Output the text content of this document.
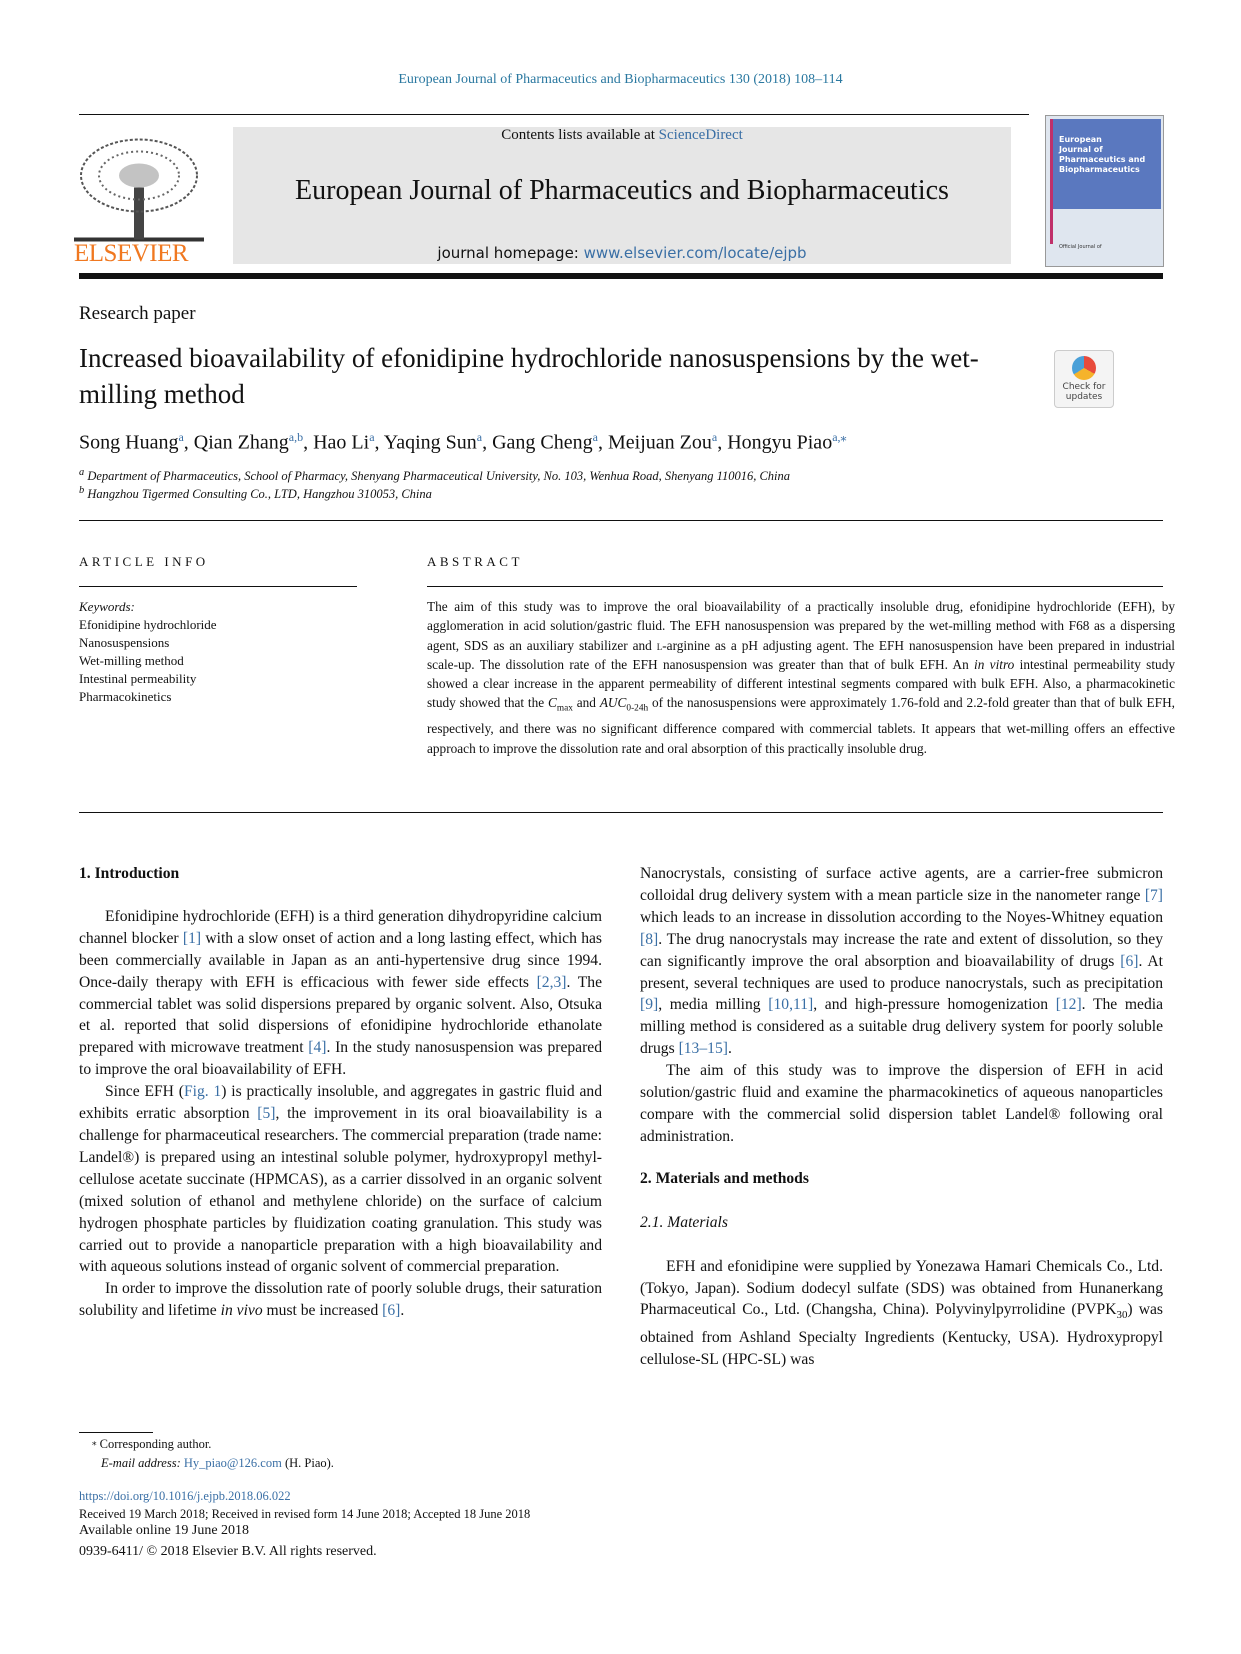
European Journal of Pharmaceutics and Biopharmaceutics 130 (2018) 108–114
ELSEVIER
Contents lists available at ScienceDirect
European Journal of Pharmaceutics and Biopharmaceutics
journal homepage: www.elsevier.com/locate/ejpb
European
Journal of
Pharmaceutics and
Biopharmaceutics
Official Journal of
Research paper
Increased bioavailability of efonidipine hydrochloride nanosuspensions by the wet-milling method	Check for updates
Song Huang$^a$, Qian Zhang$^{a,b}$, Hao Li$^a$, Yaqing Sun$^a$, Gang Cheng$^a$, Meijuan Zou$^a$, Hongyu Piao$^{a,⁎}$
$^a$ Department of Pharmaceutics, School of Pharmacy, Shenyang Pharmaceutical University, No. 103, Wenhua Road, Shenyang 110016, China
$^b$ Hangzhou Tigermed Consulting Co., LTD, Hangzhou 310053, China
ARTICLE INFO
Keywords:
Efonidipine hydrochloride
Nanosuspensions
Wet-milling method
Intestinal permeability
Pharmacokinetics
ABSTRACT
The aim of this study was to improve the oral bioavailability of a practically insoluble drug, efonidipine hydrochloride (EFH), by agglomeration in acid solution/gastric fluid. The EFH nanosuspension was prepared by the wet-milling method with F68 as a dispersing agent, SDS as an auxiliary stabilizer and l-arginine as a pH adjusting agent. The EFH nanosuspension have been prepared in industrial scale-up. The dissolution rate of the EFH nanosuspension was greater than that of bulk EFH. An in vitro intestinal permeability study showed a clear increase in the apparent permeability of different intestinal segments compared with bulk EFH. Also, a pharmacokinetic study showed that the $C_{max}$ and $AUC_{0-24h}$ of the nanosuspensions were approximately 1.76-fold and 2.2-fold greater than that of bulk EFH, respectively, and there was no significant difference compared with commercial tablets. It appears that wet-milling offers an effective approach to improve the dissolution rate and oral absorption of this practically insoluble drug.
1. Introduction

Efonidipine hydrochloride (EFH) is a third generation dihydropyridine calcium channel blocker [1] with a slow onset of action and a long lasting effect, which has been commercially available in Japan as an anti-hypertensive drug since 1994. Once-daily therapy with EFH is efficacious with fewer side effects [2,3]. The commercial tablet was solid dispersions prepared by organic solvent. Also, Otsuka et al. reported that solid dispersions of efonidipine hydrochloride ethanolate prepared with microwave treatment [4]. In the study nanosuspension was prepared to improve the oral bioavailability of EFH.

Since EFH (Fig. 1) is practically insoluble, and aggregates in gastric fluid and exhibits erratic absorption [5], the improvement in its oral bioavailability is a challenge for pharmaceutical researchers. The commercial preparation (trade name: Landel®) is prepared using an intestinal soluble polymer, hydroxypropyl methyl-cellulose acetate succinate (HPMCAS), as a carrier dissolved in an organic solvent (mixed solution of ethanol and methylene chloride) on the surface of calcium hydrogen phosphate particles by fluidization coating granulation. This study was carried out to provide a nanoparticle preparation with a high bioavailability and with aqueous solutions instead of organic solvent of commercial preparation.

In order to improve the dissolution rate of poorly soluble drugs, their saturation solubility and lifetime in vivo must be increased [6].

Nanocrystals, consisting of surface active agents, are a carrier-free submicron colloidal drug delivery system with a mean particle size in the nanometer range [7] which leads to an increase in dissolution according to the Noyes-Whitney equation [8]. The drug nanocrystals may increase the rate and extent of dissolution, so they can significantly improve the oral absorption and bioavailability of drugs [6]. At present, several techniques are used to produce nanocrystals, such as precipitation [9], media milling [10,11], and high-pressure homogenization [12]. The media milling method is considered as a suitable drug delivery system for poorly soluble drugs [13–15].

The aim of this study was to improve the dispersion of EFH in acid solution/gastric fluid and examine the pharmacokinetics of aqueous nanoparticles compare with the commercial solid dispersion tablet Landel® following oral administration.

2. Materials and methods
2.1. Materials

EFH and efonidipine were supplied by Yonezawa Hamari Chemicals Co., Ltd. (Tokyo, Japan). Sodium dodecyl sulfate (SDS) was obtained from Hunanerkang Pharmaceutical Co., Ltd. (Changsha, China). Polyvinylpyrrolidine $(PVPK_{30})$ was obtained from Ashland Specialty Ingredients (Kentucky, USA). Hydroxypropyl cellulose-SL (HPC-SL) was

⁎ Corresponding author.
E-mail address: Hy_piao@126.com (H. Piao).
https://doi.org/10.1016/j.ejpb.2018.06.022
Received 19 March 2018; Received in revised form 14 June 2018; Accepted 18 June 2018
Available online 19 June 2018
0939-6411/ © 2018 Elsevier B.V. All rights reserved.
